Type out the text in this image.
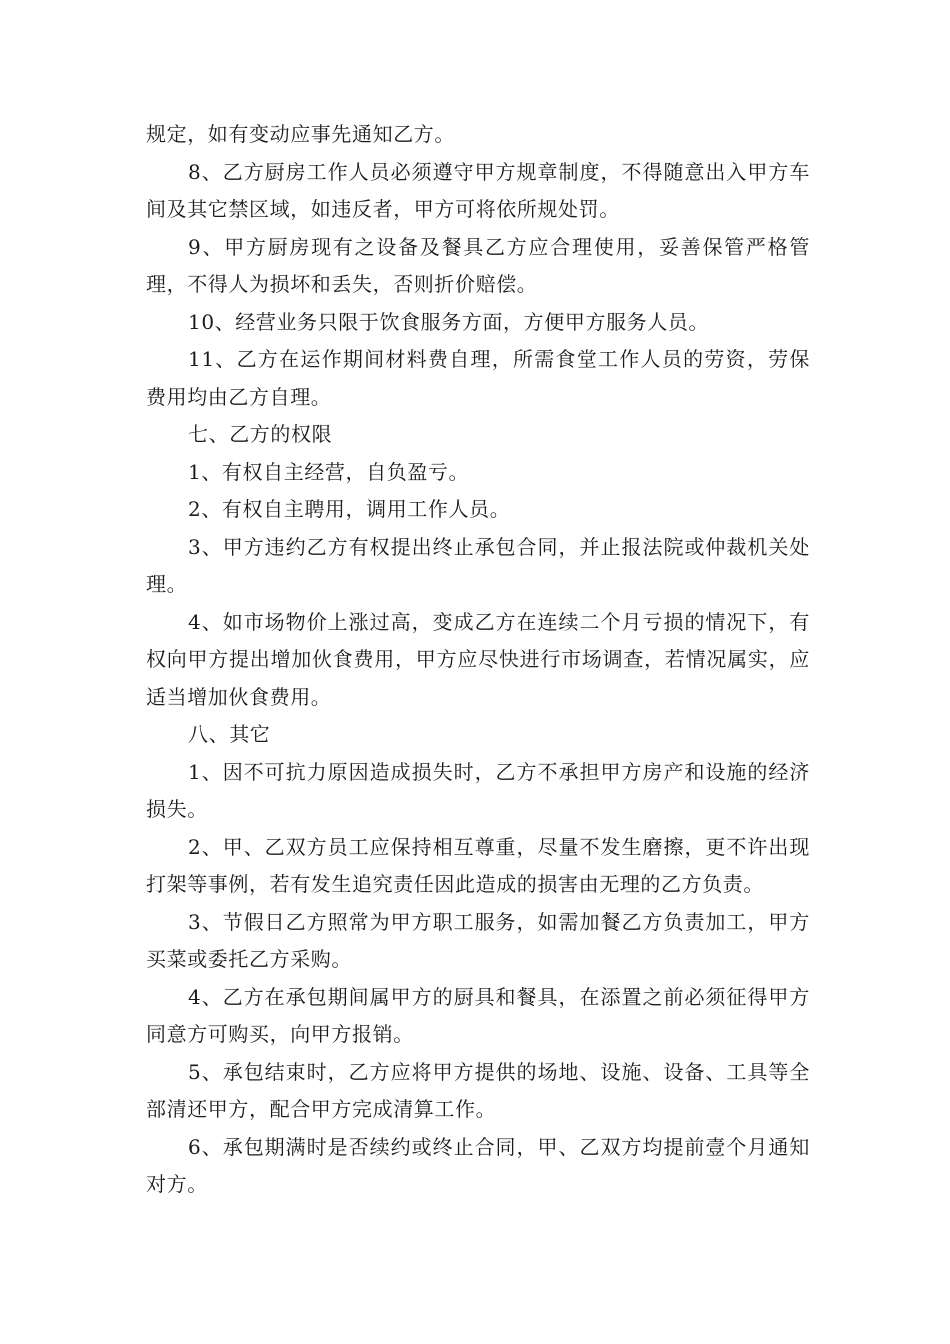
规定，如有变动应事先通知乙方。

8、乙方厨房工作人员必须遵守甲方规章制度，不得随意出入甲方车间及其它禁区域，如违反者，甲方可将依所规处罚。

9、甲方厨房现有之设备及餐具乙方应合理使用，妥善保管严格管理，不得人为损坏和丢失，否则折价赔偿。

10、经营业务只限于饮食服务方面，方便甲方服务人员。

11、乙方在运作期间材料费自理，所需食堂工作人员的劳资，劳保费用均由乙方自理。

七、乙方的权限

1、有权自主经营，自负盈亏。

2、有权自主聘用，调用工作人员。

3、甲方违约乙方有权提出终止承包合同，并止报法院或仲裁机关处理。

4、如市场物价上涨过高，变成乙方在连续二个月亏损的情况下，有权向甲方提出增加伙食费用，甲方应尽快进行市场调查，若情况属实，应适当增加伙食费用。

八、其它

1、因不可抗力原因造成损失时，乙方不承担甲方房产和设施的经济损失。

2、甲、乙双方员工应保持相互尊重，尽量不发生磨擦，更不许出现打架等事例，若有发生追究责任因此造成的损害由无理的乙方负责。

3、节假日乙方照常为甲方职工服务，如需加餐乙方负责加工，甲方买菜或委托乙方采购。

4、乙方在承包期间属甲方的厨具和餐具，在添置之前必须征得甲方同意方可购买，向甲方报销。

5、承包结束时，乙方应将甲方提供的场地、设施、设备、工具等全部清还甲方，配合甲方完成清算工作。

6、承包期满时是否续约或终止合同，甲、乙双方均提前壹个月通知对方。
